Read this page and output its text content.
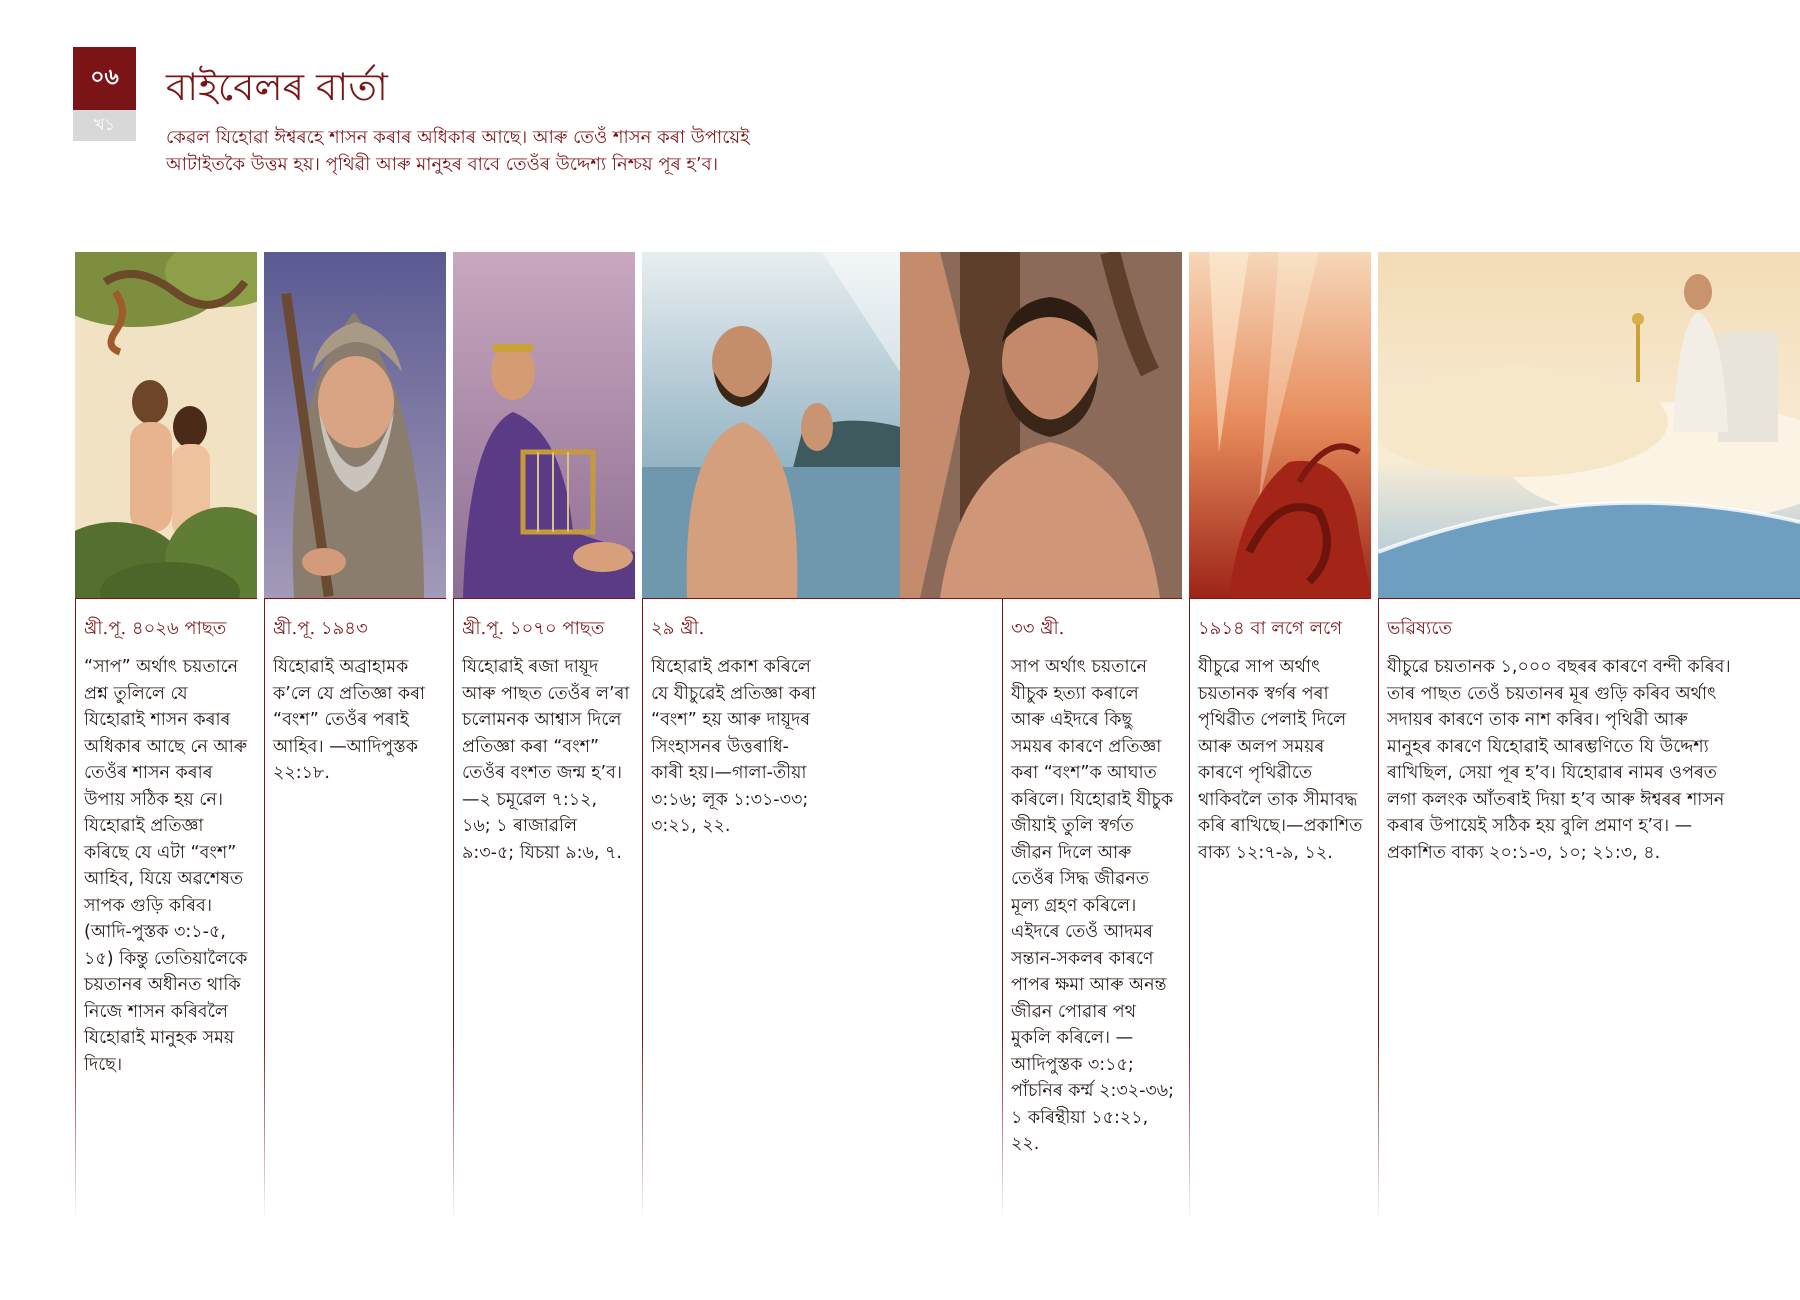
০৬
খ১
বাইবেলৰ বাৰ্তা

কেৱল যিহোৱা ঈশ্বৰহে শাসন কৰাৰ অধিকাৰ আছে। আৰু তেওঁ শাসন কৰা উপায়েই আটাইতকৈ উত্তম হয়। পৃথিৱী আৰু মানুহৰ বাবে তেওঁৰ উদ্দেশ্য নিশ্চয় পূৰ হ’ব।

খ্ৰী.পূ. ৪০২৬ পাছত

“সাপ” অৰ্থাৎ চয়তানে প্ৰশ্ন তুলিলে যে যিহোৱাই শাসন কৰাৰ অধিকাৰ আছে নে আৰু তেওঁৰ শাসন কৰাৰ উপায় সঠিক হয় নে। যিহোৱাই প্ৰতিজ্ঞা কৰিছে যে এটা “বংশ” আহিব, যিয়ে অৱশেষত সাপক গুড়ি কৰিব। (আদি-পুস্তক ৩:১-৫, ১৫) কিন্তু তেতিয়ালৈকে চয়তানৰ অধীনত থাকি নিজে শাসন কৰিবলৈ যিহোৱাই মানুহক সময় দিছে।

খ্ৰী.পূ. ১৯৪৩

যিহোৱাই অব্ৰাহামক ক’লে যে প্ৰতিজ্ঞা কৰা “বংশ” তেওঁৰ পৰাই আহিব। —আদিপুস্তক ২২:১৮.

খ্ৰী.পূ. ১০৭০ পাছত

যিহোৱাই ৰজা দায়ূদ আৰু পাছত তেওঁৰ ল’ৰা চলোমনক আশ্বাস দিলে প্ৰতিজ্ঞা কৰা “বংশ” তেওঁৰ বংশত জন্ম হ’ব। —২ চমূৱেল ৭:১২, ১৬; ১ ৰাজাৱলি ৯:৩-৫; যিচয়া ৯:৬, ৭.

২৯ খ্ৰী.

যিহোৱাই প্ৰকাশ কৰিলে যে যীচুৱেই প্ৰতিজ্ঞা কৰা “বংশ” হয় আৰু দায়ূদৰ সিংহাসনৰ উত্তৰাধি-কাৰী হয়।—গালা-তীয়া ৩:১৬; লূক ১:৩১-৩৩; ৩:২১, ২২.

৩৩ খ্ৰী.

সাপ অৰ্থাৎ চয়তানে যীচুক হত্যা কৰালে আৰু এইদৰে কিছু সময়ৰ কাৰণে প্ৰতিজ্ঞা কৰা “বংশ”ক আঘাত কৰিলে। যিহোৱাই যীচুক জীয়াই তুলি স্বৰ্গত জীৱন দিলে আৰু তেওঁৰ সিদ্ধ জীৱনত মূল্য গ্ৰহণ কৰিলে। এইদৰে তেওঁ আদমৰ সন্তান-সকলৰ কাৰণে পাপৰ ক্ষমা আৰু অনন্ত জীৱন পোৱাৰ পথ মুকলি কৰিলে। —আদিপুস্তক ৩:১৫; পাঁচনিৰ কৰ্ম্ম ২:৩২-৩৬; ১ কৰিন্থীয়া ১৫:২১, ২২.

১৯১৪ বা লগে লগে

যীচুৱে সাপ অৰ্থাৎ চয়তানক স্বৰ্গৰ পৰা পৃথিৱীত পেলাই দিলে আৰু অলপ সময়ৰ কাৰণে পৃথিৱীতে থাকিবলৈ তাক সীমাবদ্ধ কৰি ৰাখিছে।—প্ৰকাশিত বাক্য ১২:৭-৯, ১২.

ভৱিষ্যতে

যীচুৱে চয়তানক ১,০০০ বছৰৰ কাৰণে বন্দী কৰিব। তাৰ পাছত তেওঁ চয়তানৰ মূৰ গুড়ি কৰিব অৰ্থাৎ সদায়ৰ কাৰণে তাক নাশ কৰিব। পৃথিৱী আৰু মানুহৰ কাৰণে যিহোৱাই আৰম্ভণিতে যি উদ্দেশ্য ৰাখিছিল, সেয়া পূৰ হ’ব। যিহোৱাৰ নামৰ ওপৰত লগা কলংক আঁতৰাই দিয়া হ’ব আৰু ঈশ্বৰৰ শাসন কৰাৰ উপায়েই সঠিক হয় বুলি প্ৰমাণ হ’ব। —প্ৰকাশিত বাক্য ২০:১-৩, ১০; ২১:৩, ৪.
